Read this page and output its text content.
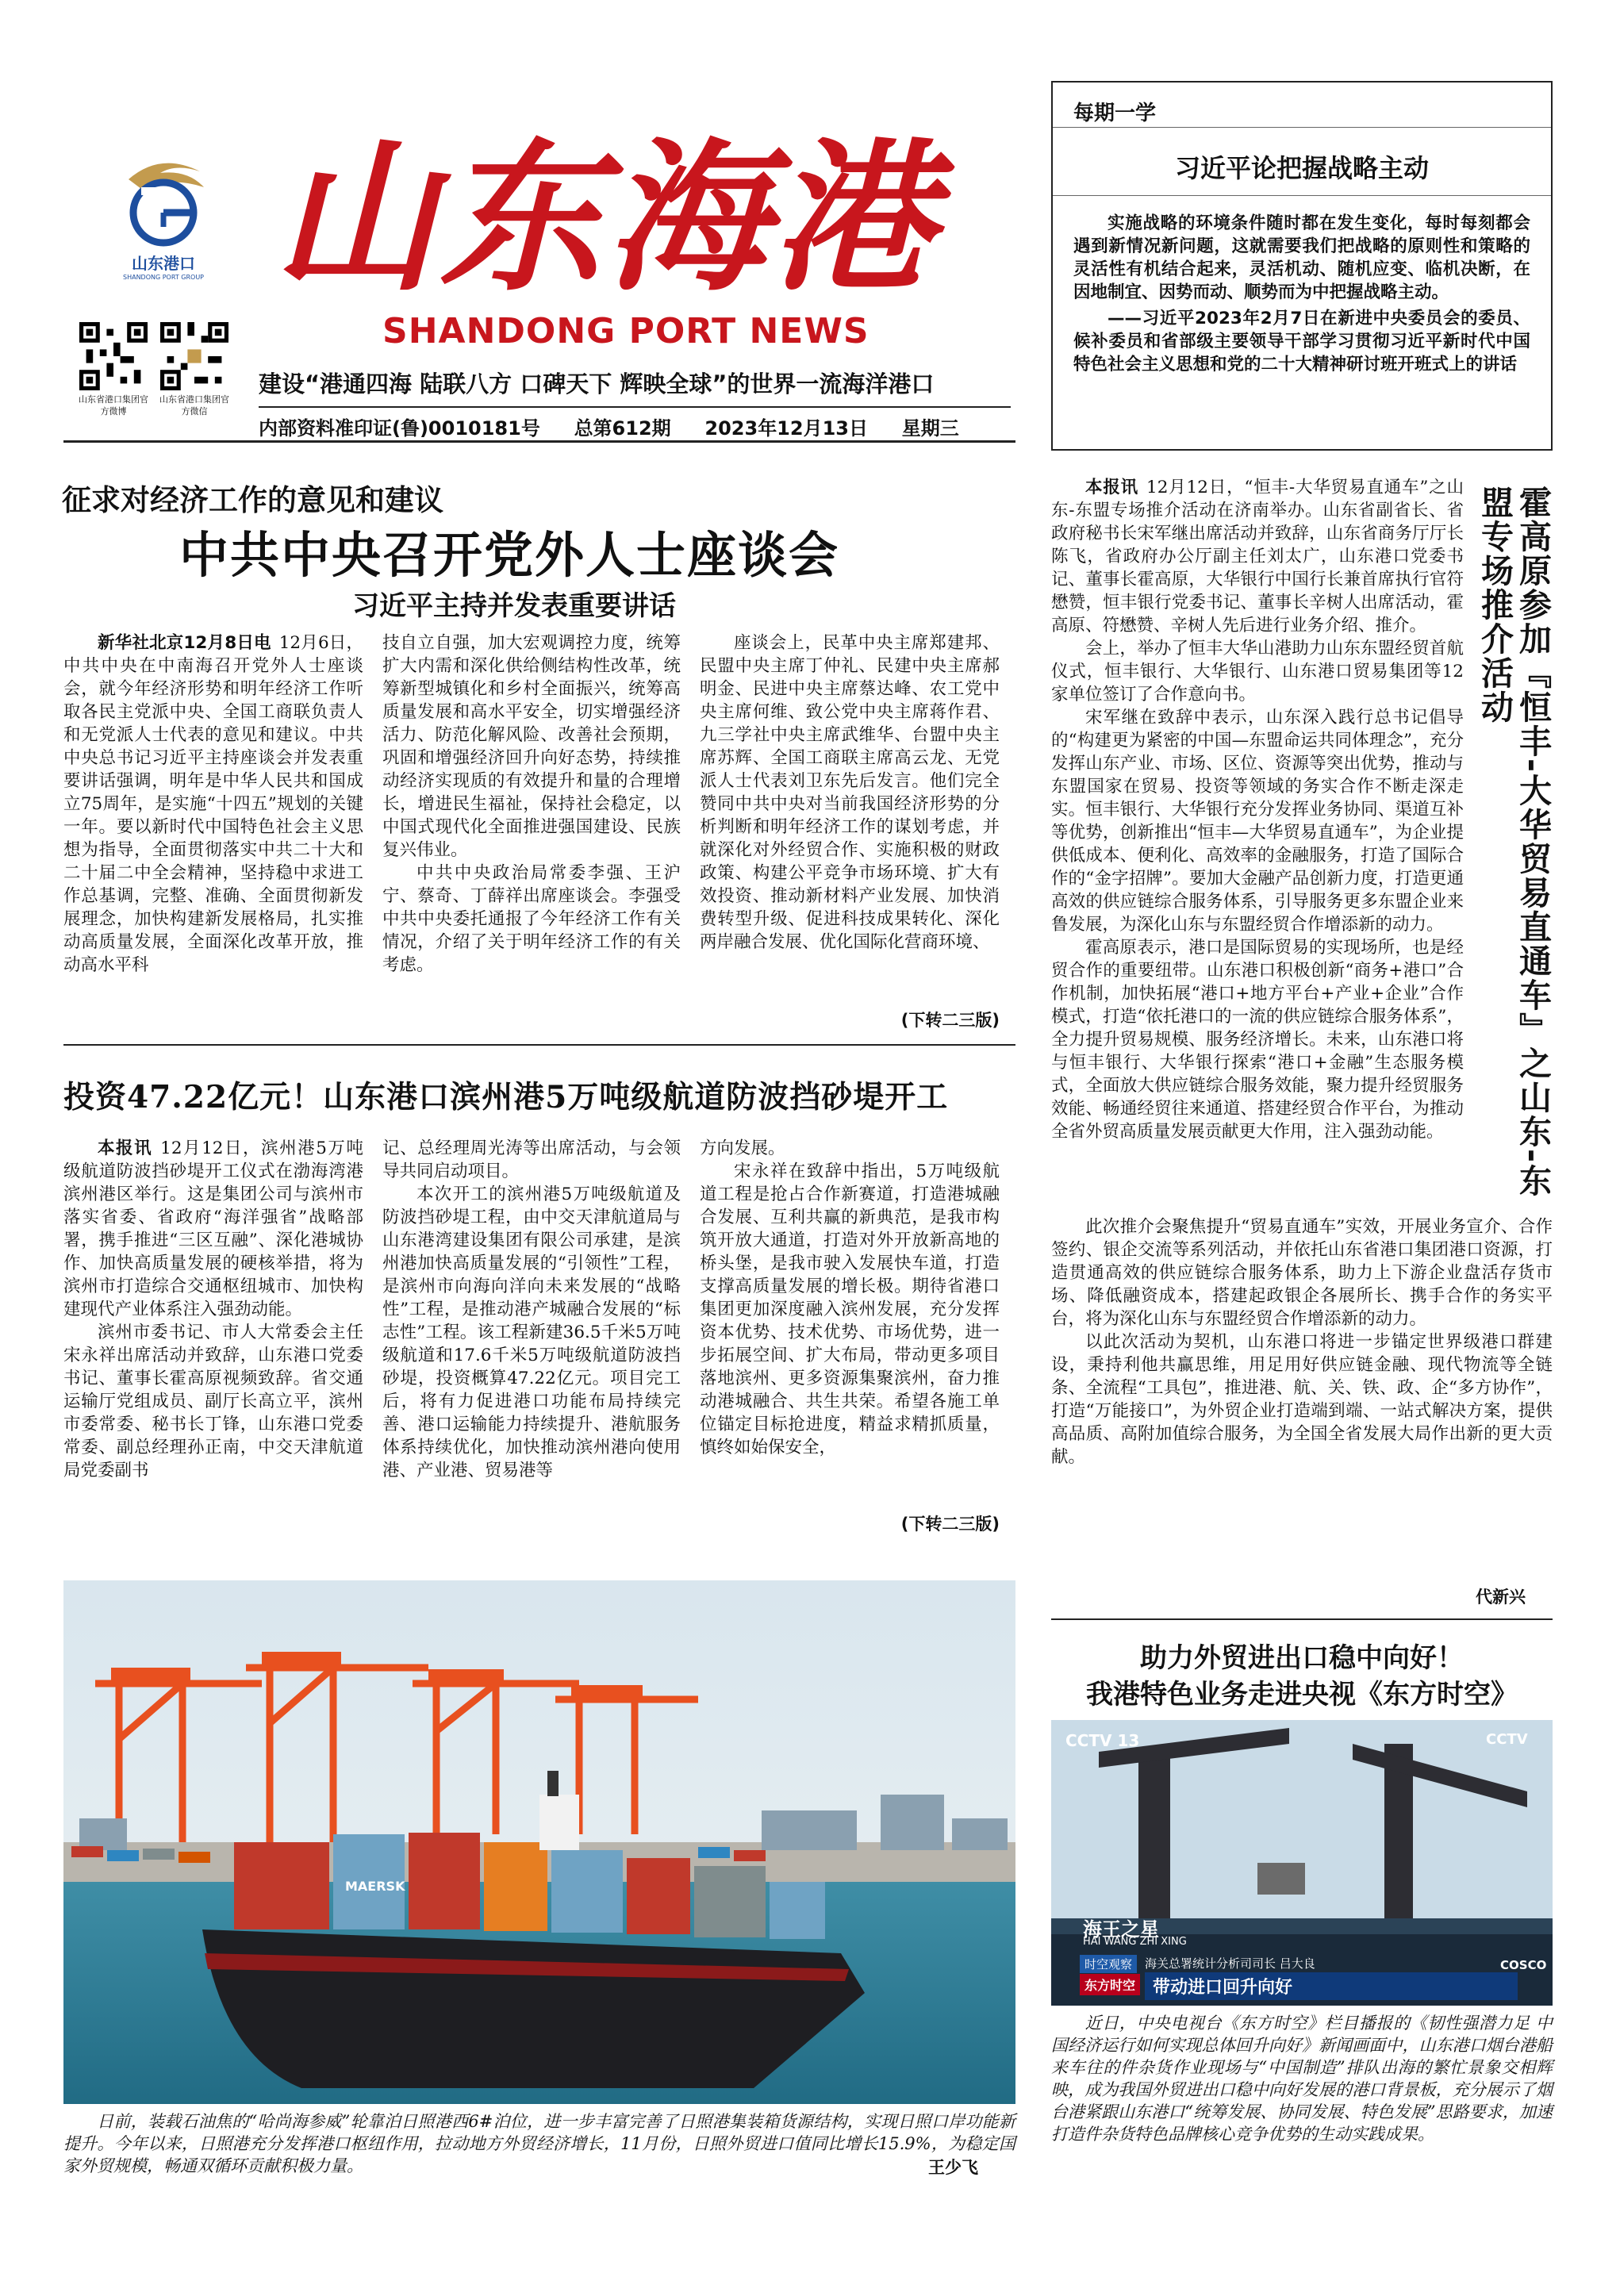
山东港口
SHANDONG PORT GROUP 山东海港
SHANDONG PORT NEWS
山东省港口集团官方微博
山东省港口集团官方微信
建设“港通四海 陆联八方 口碑天下 辉映全球”的世界一流海洋港口
内部资料准印证(鲁)0010181号 总第612期 2023年12月13日 星期三
每期一学
习近平论把握战略主动
实施战略的环境条件随时都在发生变化，每时每刻都会遇到新情况新问题，这就需要我们把战略的原则性和策略的灵活性有机结合起来，灵活机动、随机应变、临机决断，在因地制宜、因势而动、顺势而为中把握战略主动。
——习近平2023年2月7日在新进中央委员会的委员、候补委员和省部级主要领导干部学习贯彻习近平新时代中国特色社会主义思想和党的二十大精神研讨班开班式上的讲话
征求对经济工作的意见和建议
中共中央召开党外人士座谈会
习近平主持并发表重要讲话

新华社北京12月8日电 12月6日，中共中央在中南海召开党外人士座谈会，就今年经济形势和明年经济工作听取各民主党派中央、全国工商联负责人和无党派人士代表的意见和建议。中共中央总书记习近平主持座谈会并发表重要讲话强调，明年是中华人民共和国成立75周年，是实施“十四五”规划的关键一年。要以新时代中国特色社会主义思想为指导，全面贯彻落实中共二十大和二十届二中全会精神，坚持稳中求进工作总基调，完整、准确、全面贯彻新发展理念，加快构建新发展格局，扎实推动高质量发展，全面深化改革开放，推动高水平科

技自立自强，加大宏观调控力度，统筹扩大内需和深化供给侧结构性改革，统筹新型城镇化和乡村全面振兴，统筹高质量发展和高水平安全，切实增强经济活力、防范化解风险、改善社会预期，巩固和增强经济回升向好态势，持续推动经济实现质的有效提升和量的合理增长，增进民生福祉，保持社会稳定，以中国式现代化全面推进强国建设、民族复兴伟业。

中共中央政治局常委李强、王沪宁、蔡奇、丁薛祥出席座谈会。李强受中共中央委托通报了今年经济工作有关情况，介绍了关于明年经济工作的有关考虑。

座谈会上，民革中央主席郑建邦、民盟中央主席丁仲礼、民建中央主席郝明金、民进中央主席蔡达峰、农工党中央主席何维、致公党中央主席蒋作君、九三学社中央主席武维华、台盟中央主席苏辉、全国工商联主席高云龙、无党派人士代表刘卫东先后发言。他们完全赞同中共中央对当前我国经济形势的分析判断和明年经济工作的谋划考虑，并就深化对外经贸合作、实施积极的财政政策、构建公平竞争市场环境、扩大有效投资、推动新材料产业发展、加快消费转型升级、促进科技成果转化、深化两岸融合发展、优化国际化营商环境、

(下转二三版)
投资47.22亿元！山东港口滨州港5万吨级航道防波挡砂堤开工

本报讯 12月12日，滨州港5万吨级航道防波挡砂堤开工仪式在渤海湾港滨州港区举行。这是集团公司与滨州市落实省委、省政府“海洋强省”战略部署，携手推进“三区互融”、深化港城协作、加快高质量发展的硬核举措，将为滨州市打造综合交通枢纽城市、加快构建现代产业体系注入强劲动能。

滨州市委书记、市人大常委会主任宋永祥出席活动并致辞，山东港口党委书记、董事长霍高原视频致辞。省交通运输厅党组成员、副厅长高立平，滨州市委常委、秘书长丁锋，山东港口党委常委、副总经理孙正南，中交天津航道局党委副书

记、总经理周光涛等出席活动，与会领导共同启动项目。

本次开工的滨州港5万吨级航道及防波挡砂堤工程，由中交天津航道局与山东港湾建设集团有限公司承建，是滨州港加快高质量发展的“引领性”工程，是滨州市向海向洋向未来发展的“战略性”工程，是推动港产城融合发展的“标志性”工程。该工程新建36.5千米5万吨级航道和17.6千米5万吨级航道防波挡砂堤，投资概算47.22亿元。项目完工后，将有力促进港口功能布局持续完善、港口运输能力持续提升、港航服务体系持续优化，加快推动滨州港向使用港、产业港、贸易港等

方向发展。

宋永祥在致辞中指出，5万吨级航道工程是抢占合作新赛道，打造港城融合发展、互利共赢的新典范，是我市构筑开放大通道，打造对外开放新高地的桥头堡，是我市驶入发展快车道，打造支撑高质量发展的增长极。期待省港口集团更加深度融入滨州发展，充分发挥资本优势、技术优势、市场优势，进一步拓展空间、扩大布局，带动更多项目落地滨州、更多资源集聚滨州，奋力推动港城融合、共生共荣。希望各施工单位锚定目标抢进度，精益求精抓质量，慎终如始保安全，

(下转二三版)
MAERSK
日前，装载石油焦的“哈尚海参威”轮靠泊日照港西6#泊位，进一步丰富完善了日照港集装箱货源结构，实现日照口岸功能新提升。今年以来，日照港充分发挥港口枢纽作用，拉动地方外贸经济增长，11月份，日照外贸进口值同比增长15.9%，为稳定国家外贸规模，畅通双循环贡献积极力量。	王少飞

本报讯 12月12日，“恒丰-大华贸易直通车”之山东-东盟专场推介活动在济南举办。山东省副省长、省政府秘书长宋军继出席活动并致辞，山东省商务厅厅长陈飞，省政府办公厅副主任刘太广，山东港口党委书记、董事长霍高原，大华银行中国行长兼首席执行官符懋赞，恒丰银行党委书记、董事长辛树人出席活动，霍高原、符懋赞、辛树人先后进行业务介绍、推介。

会上，举办了恒丰大华山港助力山东东盟经贸首航仪式，恒丰银行、大华银行、山东港口贸易集团等12家单位签订了合作意向书。

宋军继在致辞中表示，山东深入践行总书记倡导的“构建更为紧密的中国—东盟命运共同体理念”，充分发挥山东产业、市场、区位、资源等突出优势，推动与东盟国家在贸易、投资等领域的务实合作不断走深走实。恒丰银行、大华银行充分发挥业务协同、渠道互补等优势，创新推出“恒丰—大华贸易直通车”，为企业提供低成本、便利化、高效率的金融服务，打造了国际合作的“金字招牌”。要加大金融产品创新力度，打造更通高效的供应链综合服务体系，引导服务更多东盟企业来鲁发展，为深化山东与东盟经贸合作增添新的动力。

霍高原表示，港口是国际贸易的实现场所，也是经贸合作的重要纽带。山东港口积极创新“商务+港口”合作机制，加快拓展“港口+地方平台+产业+企业”合作模式，打造“依托港口的一流的供应链综合服务体系”，全力提升贸易规模、服务经济增长。未来，山东港口将与恒丰银行、大华银行探索“港口+金融”生态服务模式，全面放大供应链综合服务效能，聚力提升经贸服务效能、畅通经贸往来通道、搭建经贸合作平台，为推动全省外贸高质量发展贡献更大作用，注入强劲动能。

此次推介会聚焦提升“贸易直通车”实效，开展业务宣介、合作签约、银企交流等系列活动，并依托山东省港口集团港口资源，打造贯通高效的供应链综合服务体系，助力上下游企业盘活存货市场、降低融资成本，搭建起政银企各展所长、携手合作的务实平台，将为深化山东与东盟经贸合作增添新的动力。

以此次活动为契机，山东港口将进一步锚定世界级港口群建设，秉持利他共赢思维，用足用好供应链金融、现代物流等全链条、全流程“工具包”，推进港、航、关、铁、政、企“多方协作”，打造“万能接口”，为外贸企业打造端到端、一站式解决方案，提供高品质、高附加值综合服务，为全国全省发展大局作出新的更大贡献。

代新兴
霍高原参加『恒丰-大华贸易直通车』之山东-东盟专场推介活动
助力外贸进出口稳中向好！
我港特色业务走进央视《东方时空》
CCTV 13	CCTV
海王之星
HAI WANG ZHI XING
时空观察	海关总署统计分析司司长 吕大良
东方时空 带动进口回升向好
COSCO
近日，中央电视台《东方时空》栏目播报的《韧性强潜力足 中国经济运行如何实现总体回升向好》新闻画面中，山东港口烟台港船来车往的件杂货作业现场与“中国制造”排队出海的繁忙景象交相辉映，成为我国外贸进出口稳中向好发展的港口背景板，充分展示了烟台港紧跟山东港口“统筹发展、协同发展、特色发展”思路要求，加速打造件杂货特色品牌核心竞争优势的生动实践成果。
